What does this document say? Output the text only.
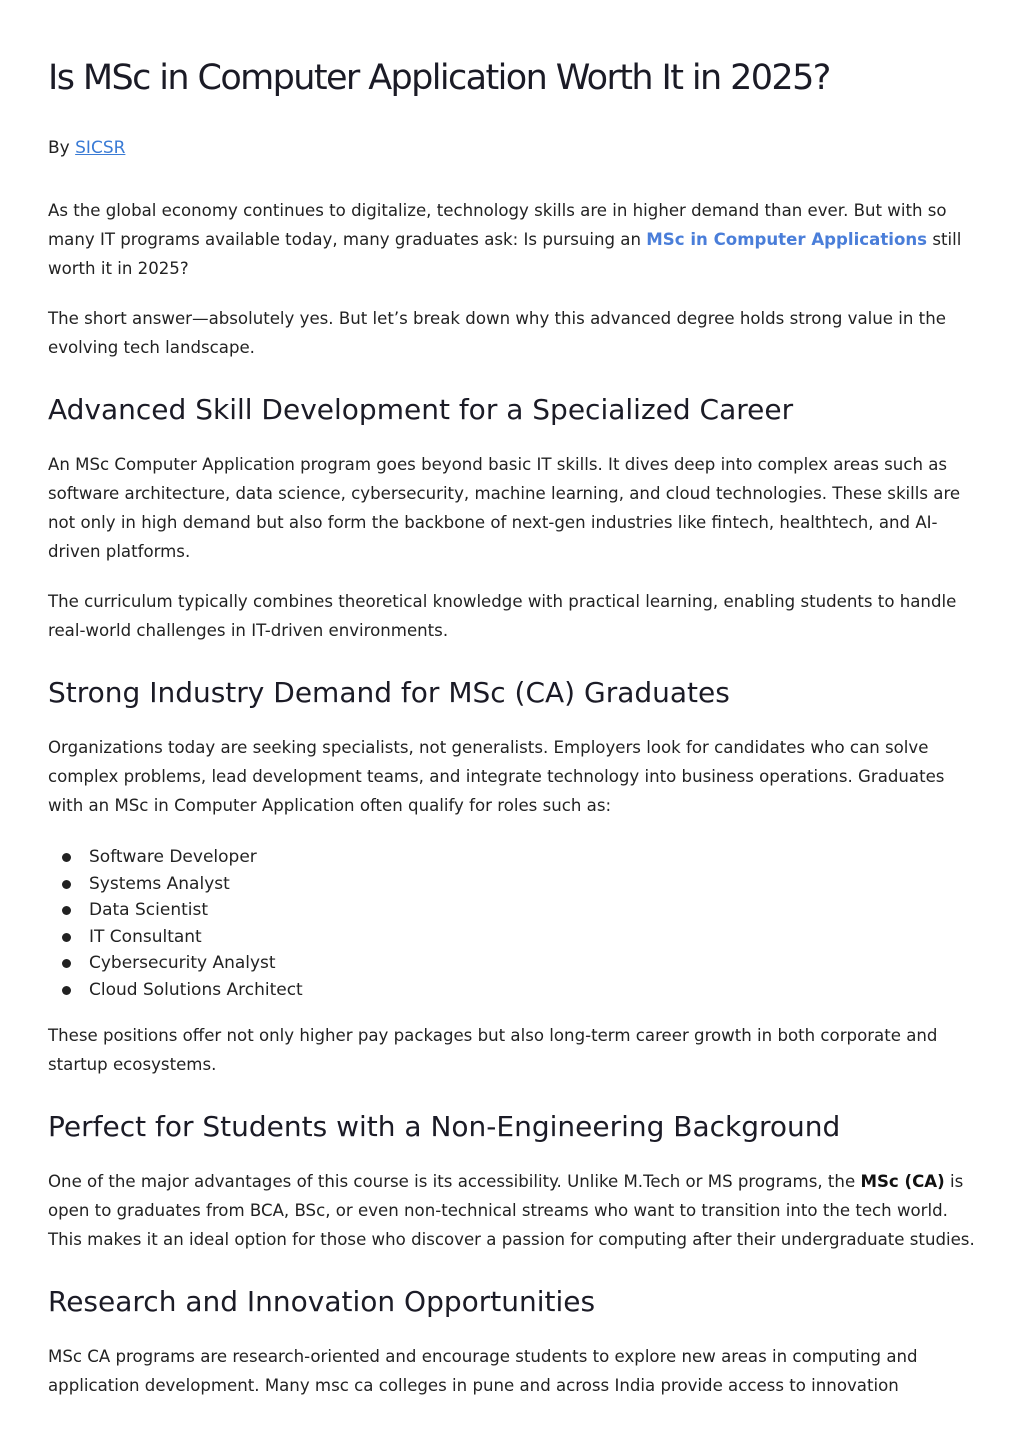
Is MSc in Computer Application Worth It in 2025?
By SICSR

As the global economy continues to digitalize, technology skills are in higher demand than ever. But with so many IT programs available today, many graduates ask: Is pursuing an MSc in Computer Applications still worth it in 2025?

The short answer—absolutely yes. But let’s break down why this advanced degree holds strong value in the evolving tech landscape.

Advanced Skill Development for a Specialized Career

An MSc Computer Application program goes beyond basic IT skills. It dives deep into complex areas such as software architecture, data science, cybersecurity, machine learning, and cloud technologies. These skills are not only in high demand but also form the backbone of next-gen industries like fintech, healthtech, and AI-driven platforms.

The curriculum typically combines theoretical knowledge with practical learning, enabling students to handle real-world challenges in IT-driven environments.

Strong Industry Demand for MSc (CA) Graduates

Organizations today are seeking specialists, not generalists. Employers look for candidates who can solve complex problems, lead development teams, and integrate technology into business operations. Graduates with an MSc in Computer Application often qualify for roles such as:

Software Developer
Systems Analyst
Data Scientist
IT Consultant
Cybersecurity Analyst
Cloud Solutions Architect

These positions offer not only higher pay packages but also long-term career growth in both corporate and startup ecosystems.

Perfect for Students with a Non-Engineering Background

One of the major advantages of this course is its accessibility. Unlike M.Tech or MS programs, the MSc (CA) is open to graduates from BCA, BSc, or even non-technical streams who want to transition into the tech world. This makes it an ideal option for those who discover a passion for computing after their undergraduate studies.

Research and Innovation Opportunities

MSc CA programs are research-oriented and encourage students to explore new areas in computing and application development. Many msc ca colleges in pune and across India provide access to innovation
